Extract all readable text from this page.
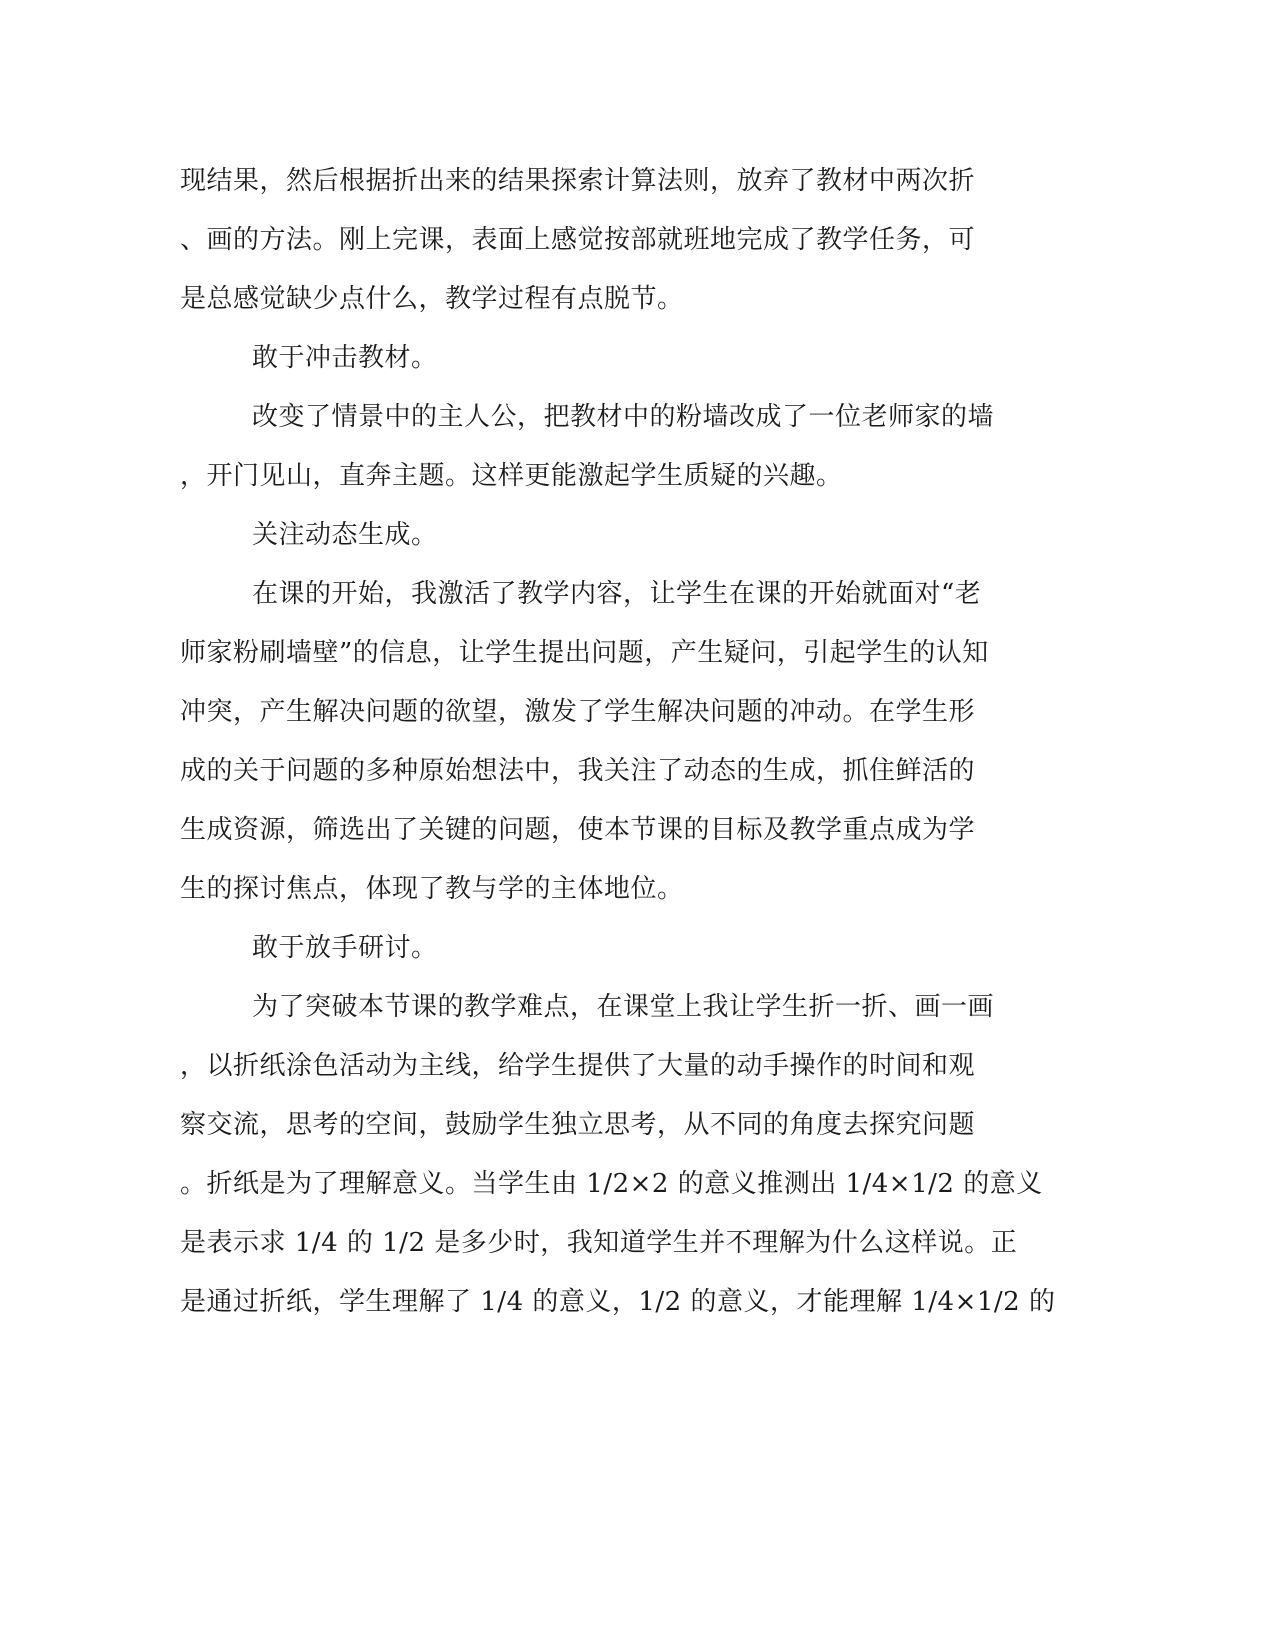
现结果，然后根据折出来的结果探索计算法则，放弃了教材中两次折
、画的方法。刚上完课，表面上感觉按部就班地完成了教学任务，可
是总感觉缺少点什么，教学过程有点脱节。
敢于冲击教材。
改变了情景中的主人公，把教材中的粉墙改成了一位老师家的墙
，开门见山，直奔主题。这样更能激起学生质疑的兴趣。
关注动态生成。
在课的开始，我激活了教学内容，让学生在课的开始就面对“老
师家粉刷墙壁”的信息，让学生提出问题，产生疑问，引起学生的认知
冲突，产生解决问题的欲望，激发了学生解决问题的冲动。在学生形
成的关于问题的多种原始想法中，我关注了动态的生成，抓住鲜活的
生成资源，筛选出了关键的问题，使本节课的目标及教学重点成为学
生的探讨焦点，体现了教与学的主体地位。
敢于放手研讨。
为了突破本节课的教学难点，在课堂上我让学生折一折、画一画
，以折纸涂色活动为主线，给学生提供了大量的动手操作的时间和观
察交流，思考的空间，鼓励学生独立思考，从不同的角度去探究问题
。折纸是为了理解意义。当学生由 1/2×2 的意义推测出 1/4×1/2 的意义
是表示求 1/4 的 1/2 是多少时，我知道学生并不理解为什么这样说。正
是通过折纸，学生理解了 1/4 的意义，1/2 的意义，才能理解 1/4×1/2 的
